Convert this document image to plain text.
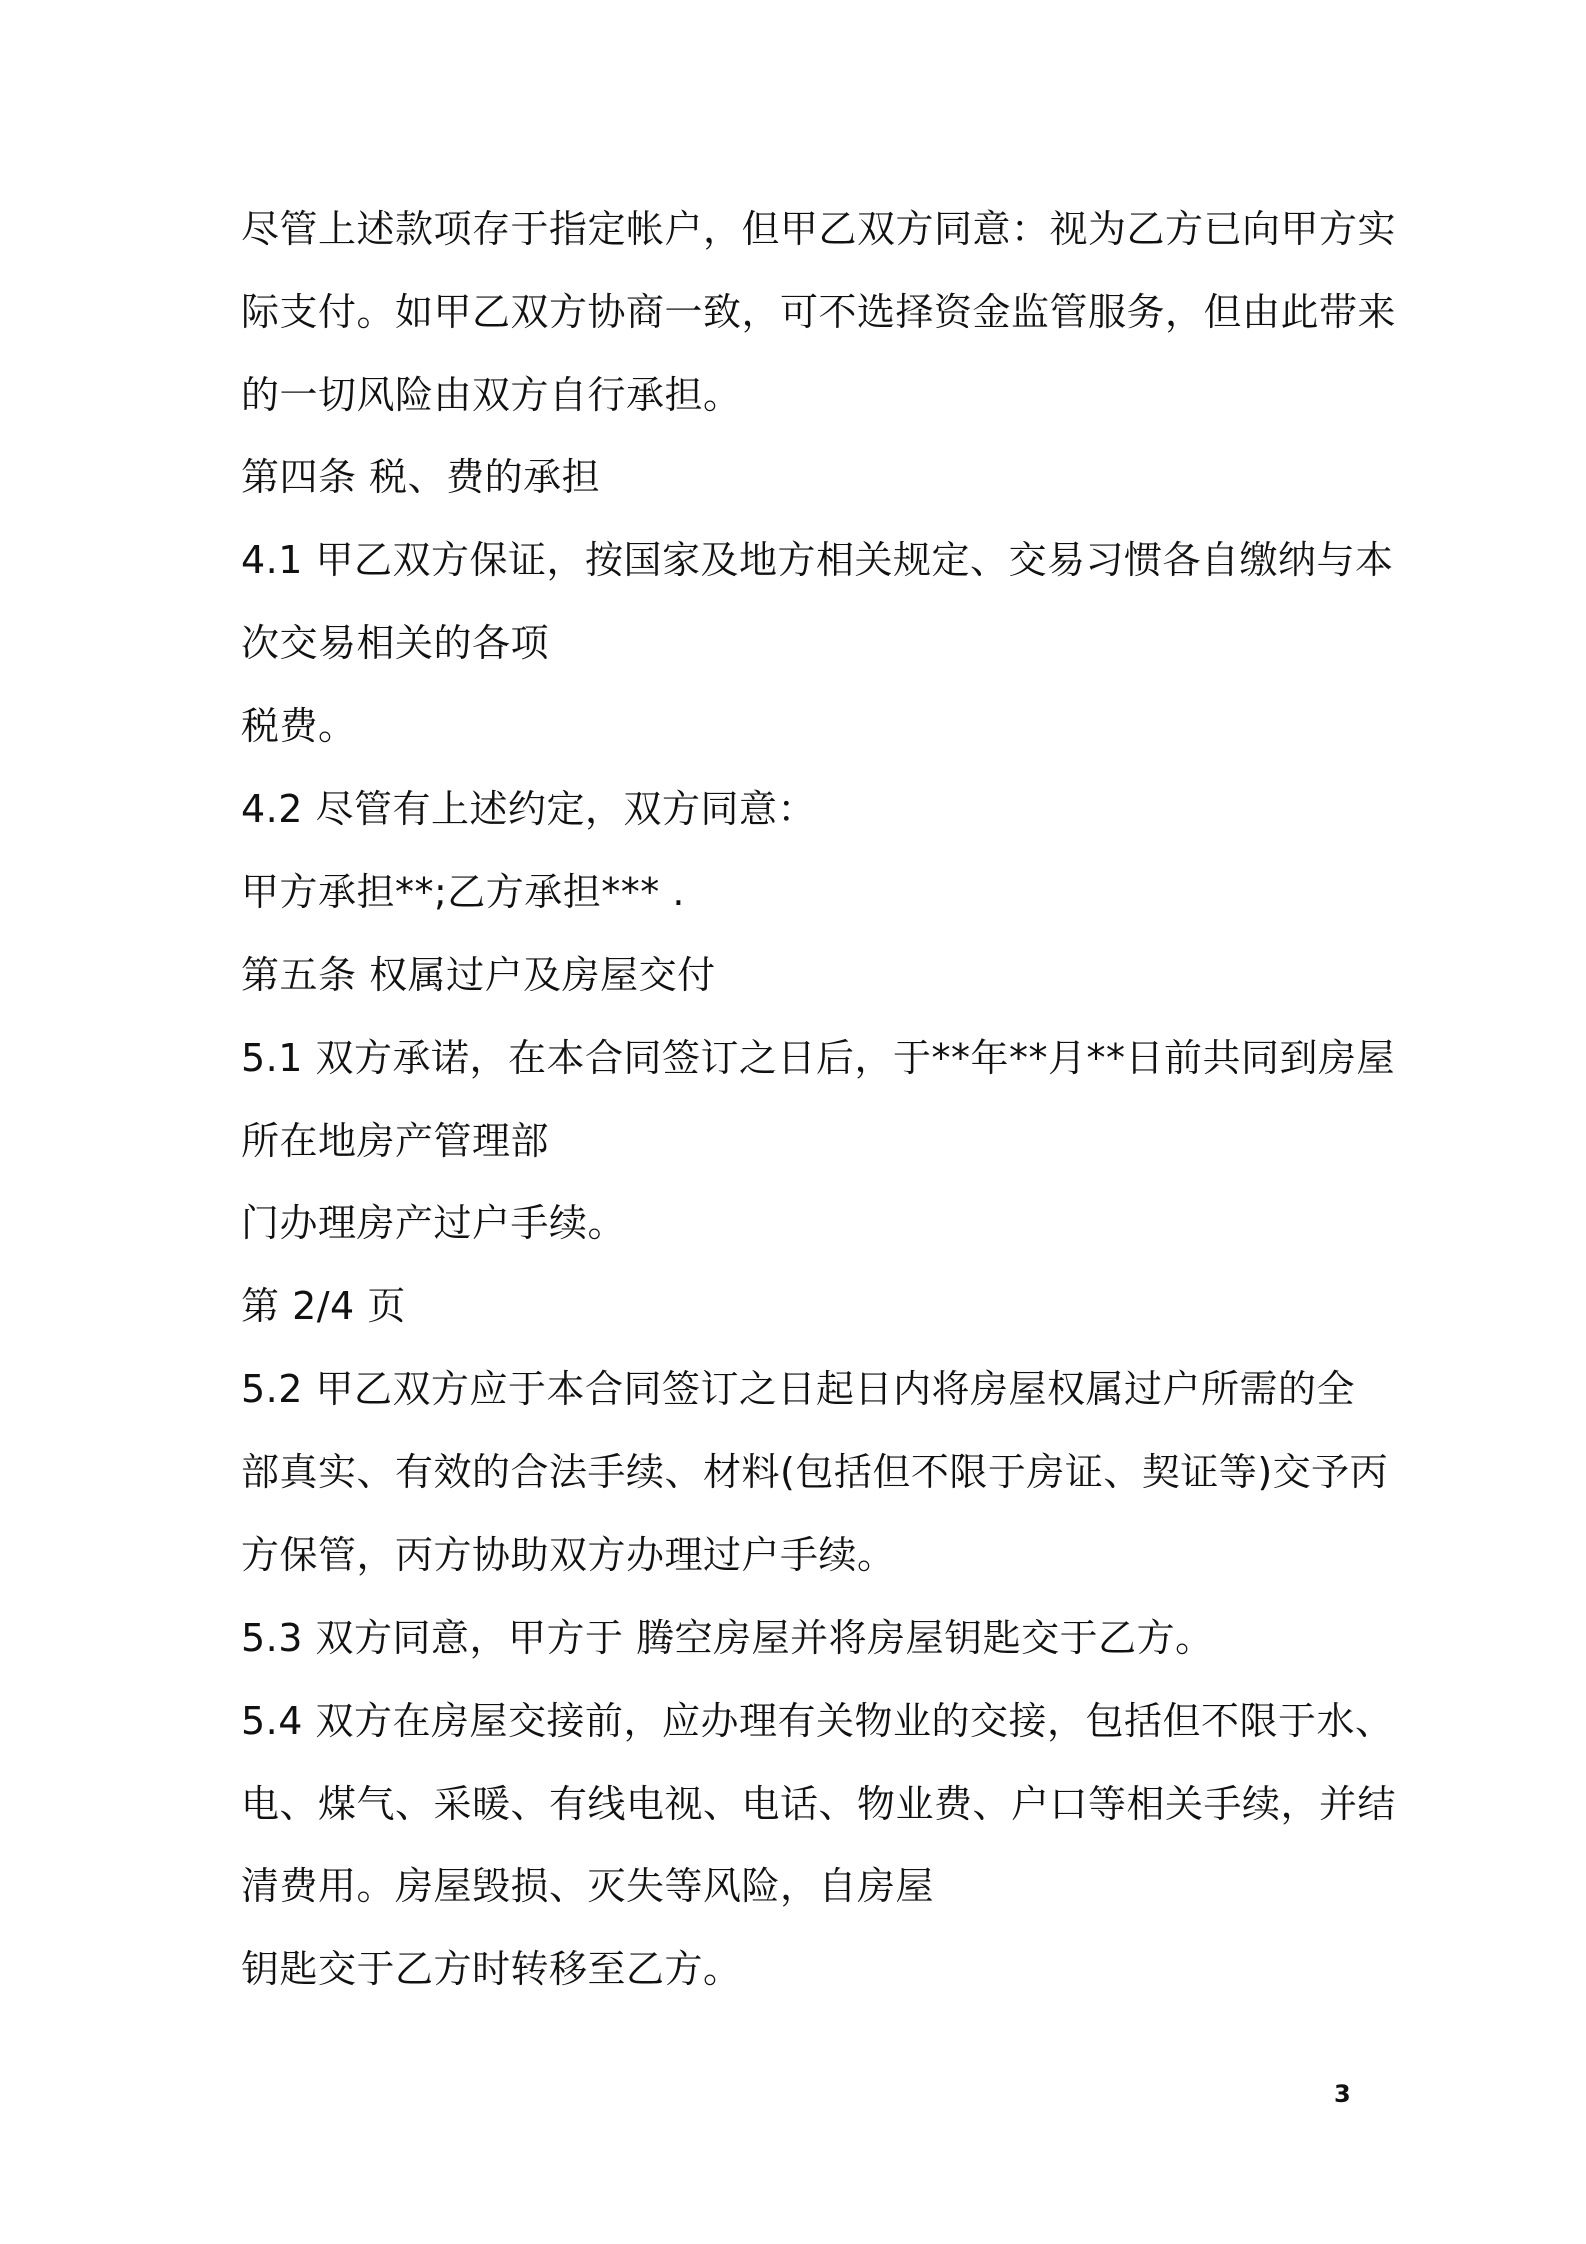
尽管上述款项存于指定帐户，但甲乙双方同意：视为乙方已向甲方实
际支付。如甲乙双方协商一致，可不选择资金监管服务，但由此带来
的一切风险由双方自行承担。
第四条 税、费的承担
4.1 甲乙双方保证，按国家及地方相关规定、交易习惯各自缴纳与本
次交易相关的各项
税费。
4.2 尽管有上述约定，双方同意：
甲方承担**;乙方承担*** .
第五条 权属过户及房屋交付
5.1 双方承诺，在本合同签订之日后，于**年**月**日前共同到房屋
所在地房产管理部
门办理房产过户手续。
第 2/4 页
5.2 甲乙双方应于本合同签订之日起日内将房屋权属过户所需的全
部真实、有效的合法手续、材料(包括但不限于房证、契证等)交予丙
方保管，丙方协助双方办理过户手续。
5.3 双方同意，甲方于 腾空房屋并将房屋钥匙交于乙方。
5.4 双方在房屋交接前，应办理有关物业的交接，包括但不限于水、
电、煤气、采暖、有线电视、电话、物业费、户口等相关手续，并结
清费用。房屋毁损、灭失等风险，自房屋
钥匙交于乙方时转移至乙方。
3
